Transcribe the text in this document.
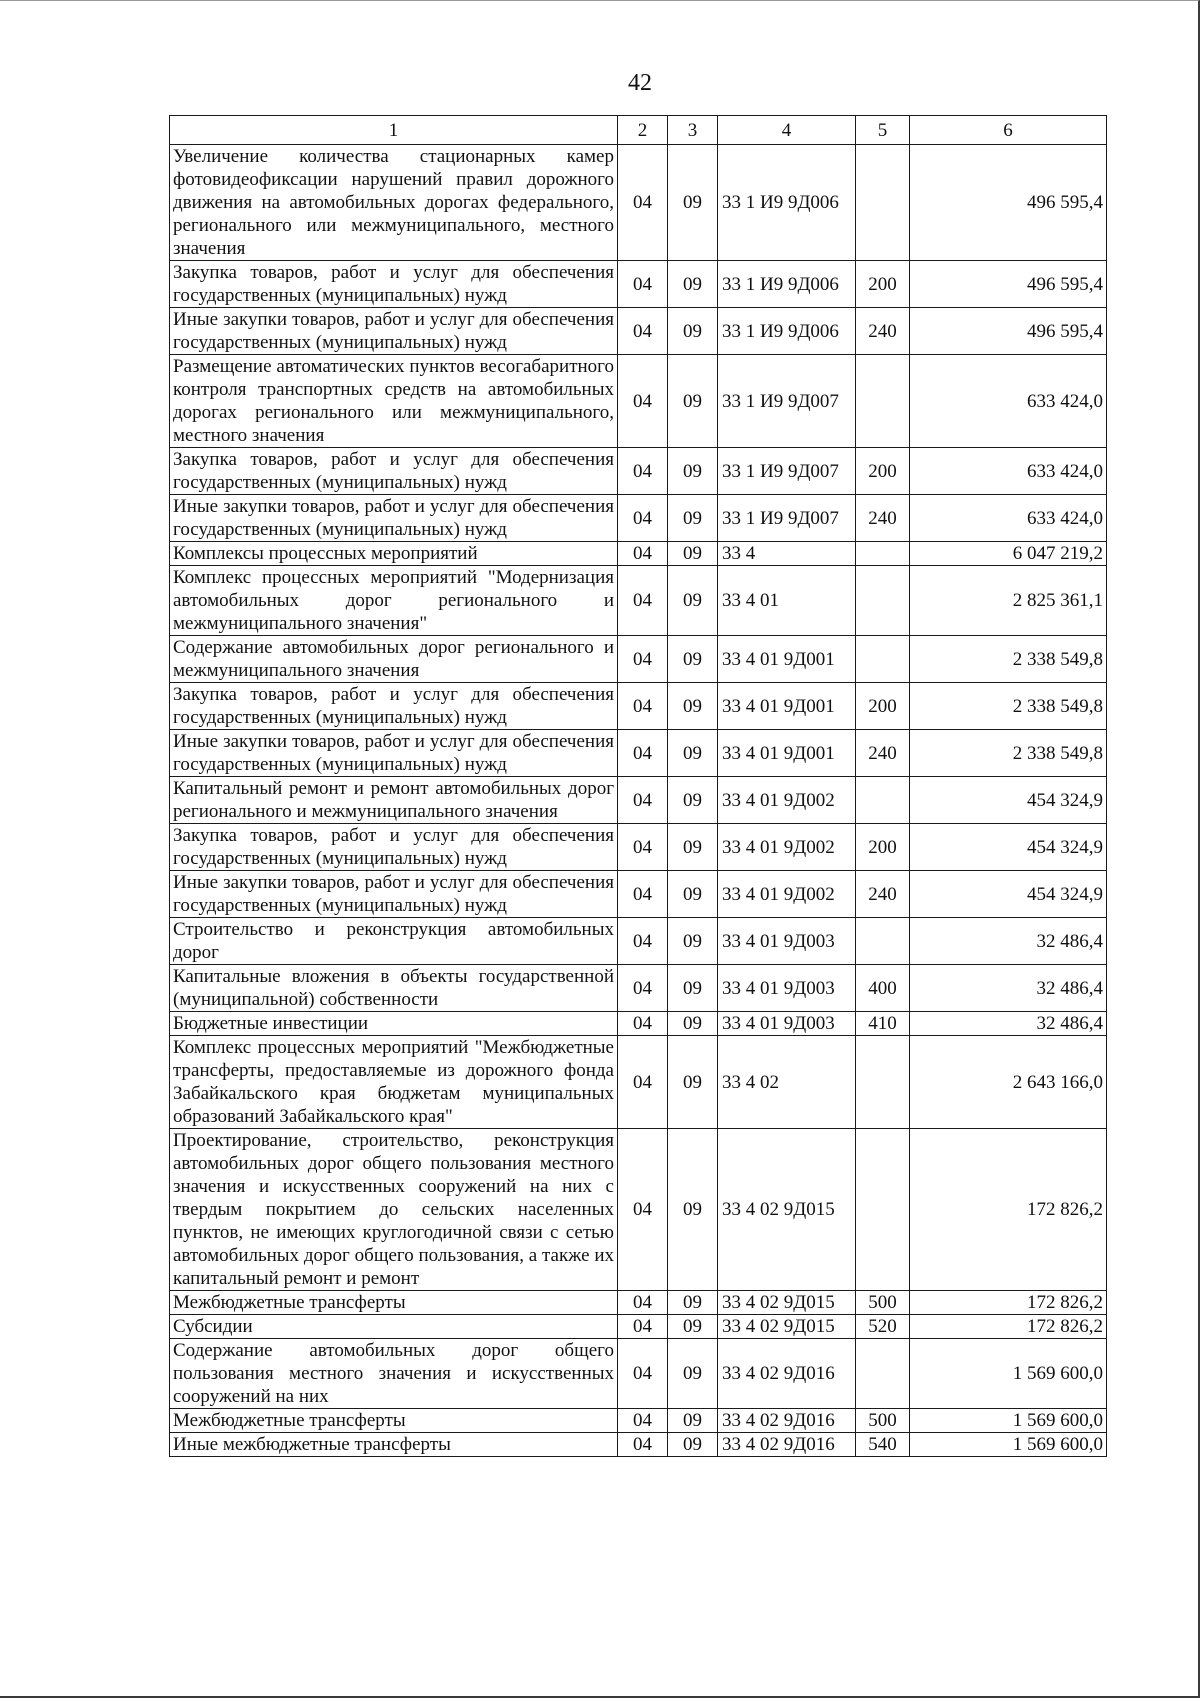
42
1	2	3	4	5	6
Увеличение количества стационарных камер фотовидеофиксации нарушений правил дорожного движения на автомобильных дорогах федерального, регионального или межмуниципального, местного значения	04	09	33 1 И9 9Д006		496 595,4
Закупка товаров, работ и услуг для обеспечения государственных (муниципальных) нужд	04	09	33 1 И9 9Д006	200	496 595,4
Иные закупки товаров, работ и услуг для обеспечения государственных (муниципальных) нужд	04	09	33 1 И9 9Д006	240	496 595,4
Размещение автоматических пунктов весогабаритного контроля транспортных средств на автомобильных дорогах регионального или межмуниципального, местного значения	04	09	33 1 И9 9Д007		633 424,0
Закупка товаров, работ и услуг для обеспечения государственных (муниципальных) нужд	04	09	33 1 И9 9Д007	200	633 424,0
Иные закупки товаров, работ и услуг для обеспечения государственных (муниципальных) нужд	04	09	33 1 И9 9Д007	240	633 424,0
Комплексы процессных мероприятий	04	09	33 4		6 047 219,2
Комплекс процессных мероприятий "Модернизация автомобильных дорог регионального и межмуниципального значения"	04	09	33 4 01		2 825 361,1
Содержание автомобильных дорог регионального и межмуниципального значения	04	09	33 4 01 9Д001		2 338 549,8
Закупка товаров, работ и услуг для обеспечения государственных (муниципальных) нужд	04	09	33 4 01 9Д001	200	2 338 549,8
Иные закупки товаров, работ и услуг для обеспечения государственных (муниципальных) нужд	04	09	33 4 01 9Д001	240	2 338 549,8
Капитальный ремонт и ремонт автомобильных дорог регионального и межмуниципального значения	04	09	33 4 01 9Д002		454 324,9
Закупка товаров, работ и услуг для обеспечения государственных (муниципальных) нужд	04	09	33 4 01 9Д002	200	454 324,9
Иные закупки товаров, работ и услуг для обеспечения государственных (муниципальных) нужд	04	09	33 4 01 9Д002	240	454 324,9
Строительство и реконструкция автомобильных дорог	04	09	33 4 01 9Д003		32 486,4
Капитальные вложения в объекты государственной (муниципальной) собственности	04	09	33 4 01 9Д003	400	32 486,4
Бюджетные инвестиции	04	09	33 4 01 9Д003	410	32 486,4
Комплекс процессных мероприятий "Межбюджетные трансферты, предоставляемые из дорожного фонда Забайкальского края бюджетам муниципальных образований Забайкальского края"	04	09	33 4 02		2 643 166,0
Проектирование, строительство, реконструкция автомобильных дорог общего пользования местного значения и искусственных сооружений на них с твердым покрытием до сельских населенных пунктов, не имеющих круглогодичной связи с сетью автомобильных дорог общего пользования, а также их капитальный ремонт и ремонт	04	09	33 4 02 9Д015		172 826,2
Межбюджетные трансферты	04	09	33 4 02 9Д015	500	172 826,2
Субсидии	04	09	33 4 02 9Д015	520	172 826,2
Содержание автомобильных дорог общего пользования местного значения и искусственных сооружений на них	04	09	33 4 02 9Д016		1 569 600,0
Межбюджетные трансферты	04	09	33 4 02 9Д016	500	1 569 600,0
Иные межбюджетные трансферты	04	09	33 4 02 9Д016	540	1 569 600,0
